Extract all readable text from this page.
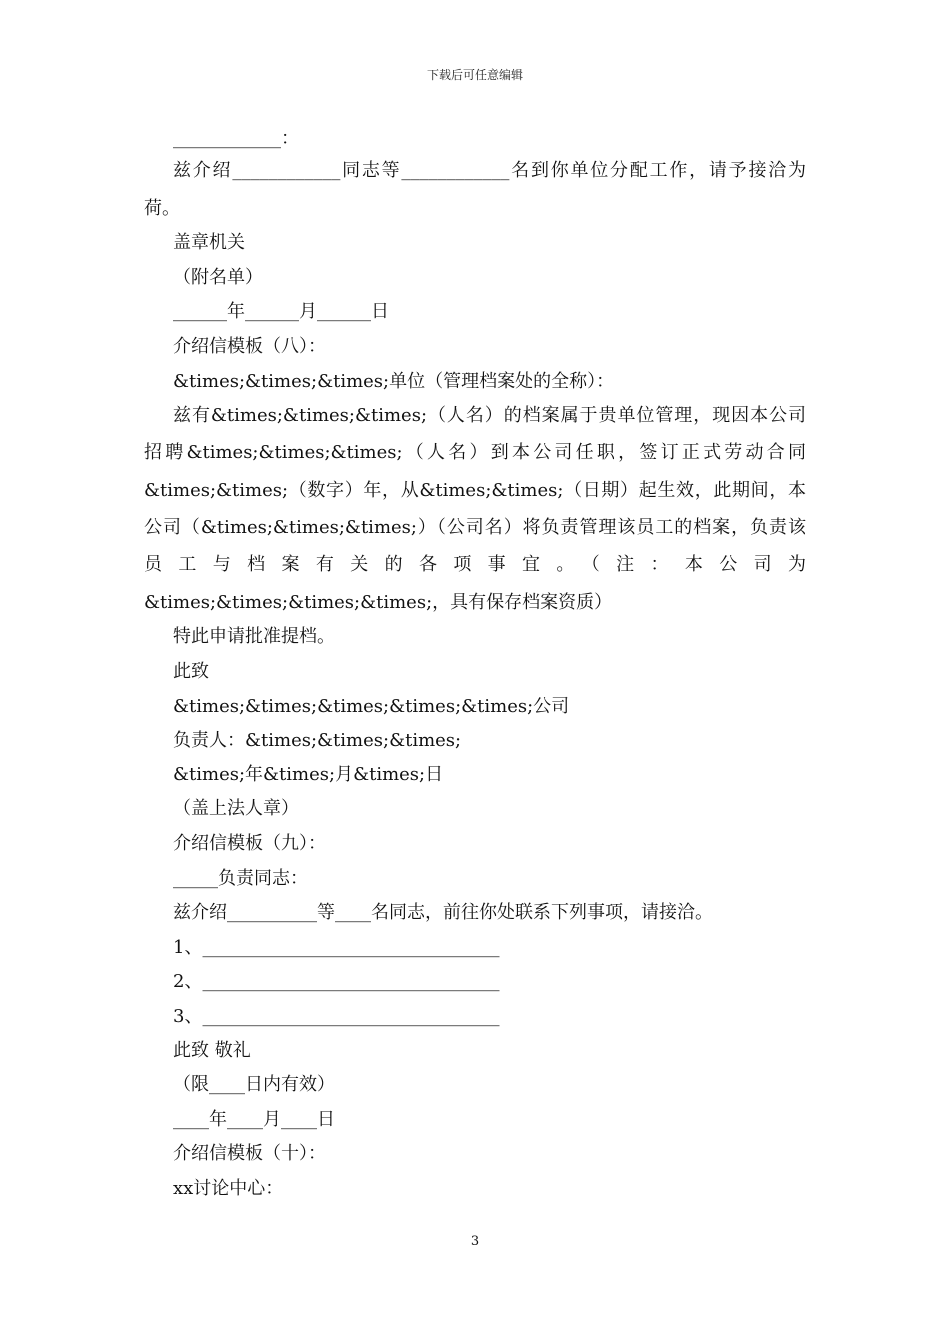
下载后可任意编辑
____________：
兹介绍____________同志等____________名到你单位分配工作，请予接洽为
荷。
盖章机关
（附名单）
______年______月______日
介绍信模板（八）：
&times;&times;&times;单位（管理档案处的全称）：
兹有&times;&times;&times;（人名）的档案属于贵单位管理，现因本公司
招聘&times;&times;&times;（人名）到本公司任职，签订正式劳动合同
&times;&times;（数字）年，从&times;&times;（日期）起生效，此期间，本
公司（&times;&times;&times;）（公司名）将负责管理该员工的档案，负责该
员工与档案有关的各项事宜。（注：本公司为
&times;&times;&times;&times;，具有保存档案资质）
特此申请批准提档。
此致
&times;&times;&times;&times;&times;公司
负责人：&times;&times;&times;
&times;年&times;月&times;日
（盖上法人章）
介绍信模板（九）：
_____负责同志：
兹介绍__________等____名同志，前往你处联系下列事项，请接洽。
1、_________________________________
2、_________________________________
3、_________________________________
此致 敬礼
（限____日内有效）
____年____月____日
介绍信模板（十）：
xx讨论中心：
3
